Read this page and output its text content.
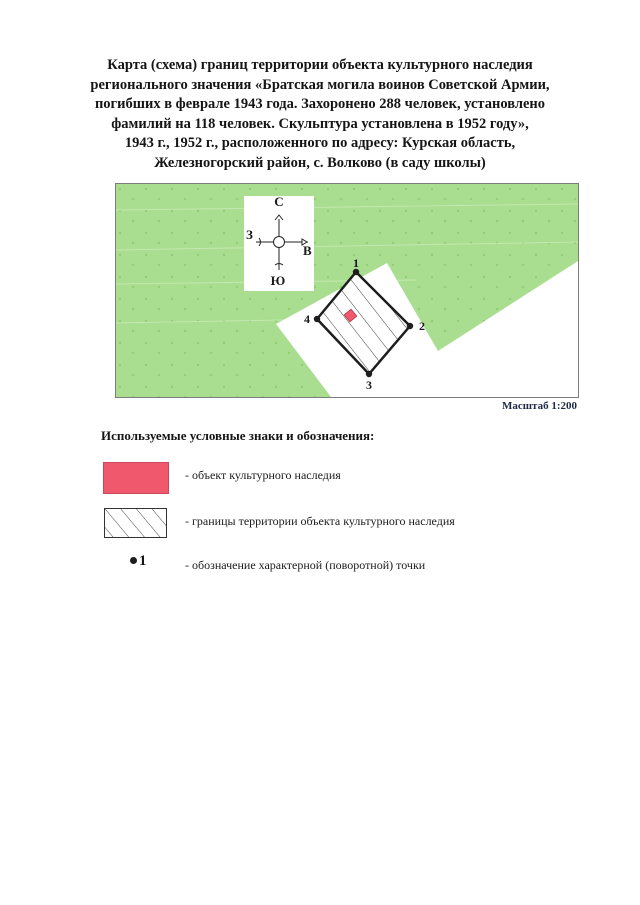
Карта (схема) границ территории объекта культурного наследия
регионального значения «Братская могила воинов Советской Армии,
погибших в феврале 1943 года. Захоронено 288 человек, установлено
фамилий на 118 человек. Скульптура установлена в 1952 году»,
1943 г., 1952 г., расположенного по адресу: Курская область,
Железногорский район, с. Волково (в саду школы)
С
З
В
Ю
1
2
3
4
Масштаб 1:200
Используемые условные знаки и обозначения:
- объект культурного наследия
- границы территории объекта культурного наследия
1	- обозначение характерной (поворотной) точки
